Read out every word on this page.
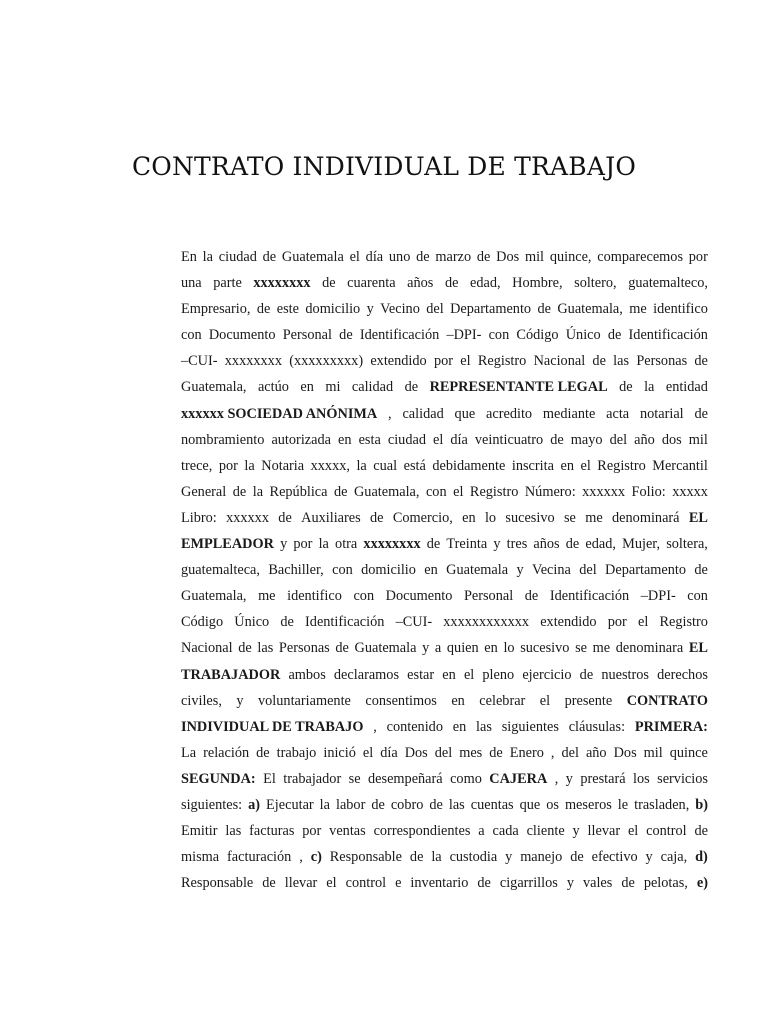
CONTRATO INDIVIDUAL DE TRABAJO
En la ciudad de Guatemala el día uno de marzo de Dos mil quince, comparecemos por
una parte xxxxxxxx de cuarenta años de edad, Hombre, soltero, guatemalteco,
Empresario, de este domicilio y Vecino del Departamento de Guatemala, me identifico
con Documento Personal de Identificación –DPI- con Código Único de Identificación
–CUI- xxxxxxxx (xxxxxxxxx) extendido por el Registro Nacional de las Personas de
Guatemala, actúo en mi calidad de REPRESENTANTE LEGAL de la entidad
xxxxxx SOCIEDAD ANÓNIMA , calidad que acredito mediante acta notarial de
nombramiento autorizada en esta ciudad el día veinticuatro de mayo del año dos mil
trece, por la Notaria xxxxx, la cual está debidamente inscrita en el Registro Mercantil
General de la República de Guatemala, con el Registro Número: xxxxxx Folio: xxxxx
Libro: xxxxxx de Auxiliares de Comercio, en lo sucesivo se me denominará EL
EMPLEADOR y por la otra xxxxxxxx de Treinta y tres años de edad, Mujer, soltera,
guatemalteca, Bachiller, con domicilio en Guatemala y Vecina del Departamento de
Guatemala, me identifico con Documento Personal de Identificación –DPI- con
Código Único de Identificación –CUI- xxxxxxxxxxxx extendido por el Registro
Nacional de las Personas de Guatemala y a quien en lo sucesivo se me denominara EL
TRABAJADOR ambos declaramos estar en el pleno ejercicio de nuestros derechos
civiles, y voluntariamente consentimos en celebrar el presente CONTRATO
INDIVIDUAL DE TRABAJO , contenido en las siguientes cláusulas: PRIMERA:
La relación de trabajo inició el día Dos del mes de Enero , del año Dos mil quince
SEGUNDA: El trabajador se desempeñará como CAJERA , y prestará los servicios
siguientes: a) Ejecutar la labor de cobro de las cuentas que os meseros le trasladen, b)
Emitir las facturas por ventas correspondientes a cada cliente y llevar el control de
misma facturación , c) Responsable de la custodia y manejo de efectivo y caja, d)
Responsable de llevar el control e inventario de cigarrillos y vales de pelotas, e)
